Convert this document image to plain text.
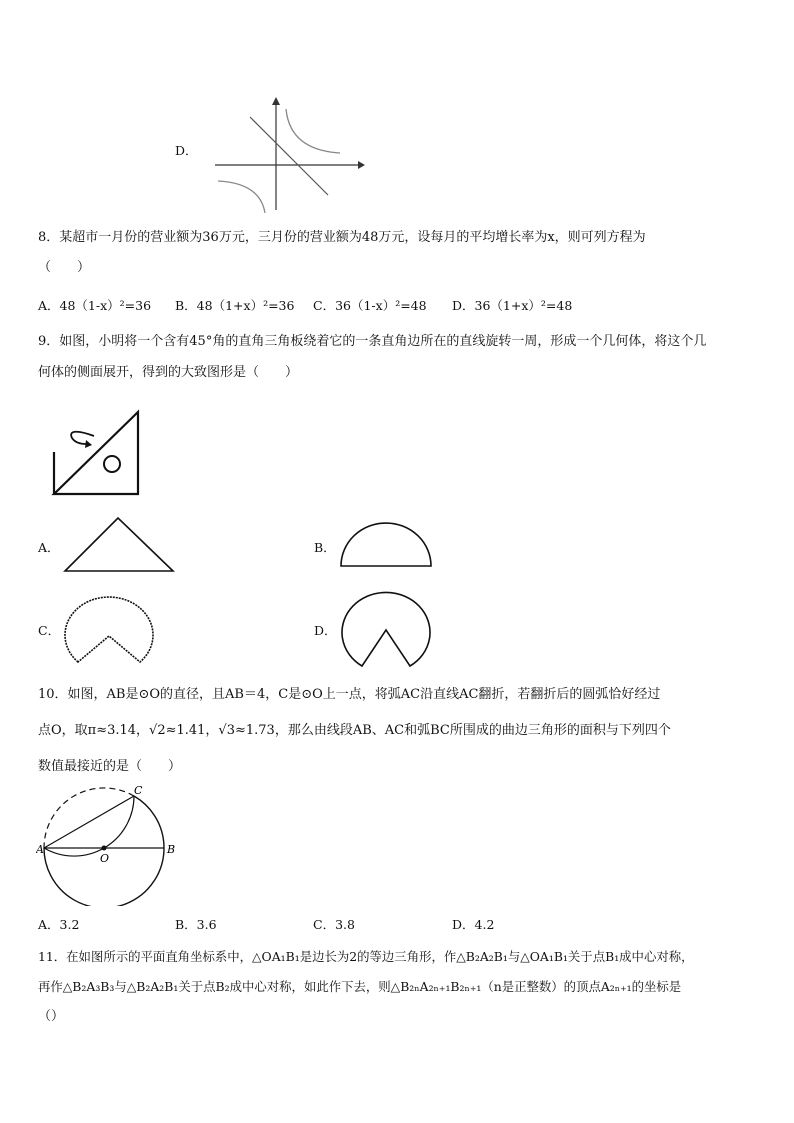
D．
8．某超市一月份的营业额为36万元，三月份的营业额为48万元，设每月的平均增长率为x，则可列方程为
（　　）
A．48（1-x）²=36 B．48（1+x）²=36 C．36（1-x）²=48 D．36（1+x）²=48
9．如图，小明将一个含有45°角的直角三角板绕着它的一条直角边所在的直线旋转一周，形成一个几何体，将这个几
何体的侧面展开，得到的大致图形是（　　）
A．	B．
C．	D．
10．如图，AB是⊙O的直径，且AB＝4，C是⊙O上一点，将弧AC沿直线AC翻折，若翻折后的圆弧恰好经过
点O，取π≈3.14，√2≈1.41，√3≈1.73，那么由线段AB、AC和弧BC所围成的曲边三角形的面积与下列四个
数值最接近的是（　　）
A	B
C
O
A．3.2	B．3.6	C．3.8	D．4.2
11．在如图所示的平面直角坐标系中，△OA₁B₁是边长为2的等边三角形，作△B₂A₂B₁与△OA₁B₁关于点B₁成中心对称，
再作△B₂A₃B₃与△B₂A₂B₁关于点B₂成中心对称，如此作下去，则△B₂ₙA₂ₙ₊₁B₂ₙ₊₁（n是正整数）的顶点A₂ₙ₊₁的坐标是
（）
